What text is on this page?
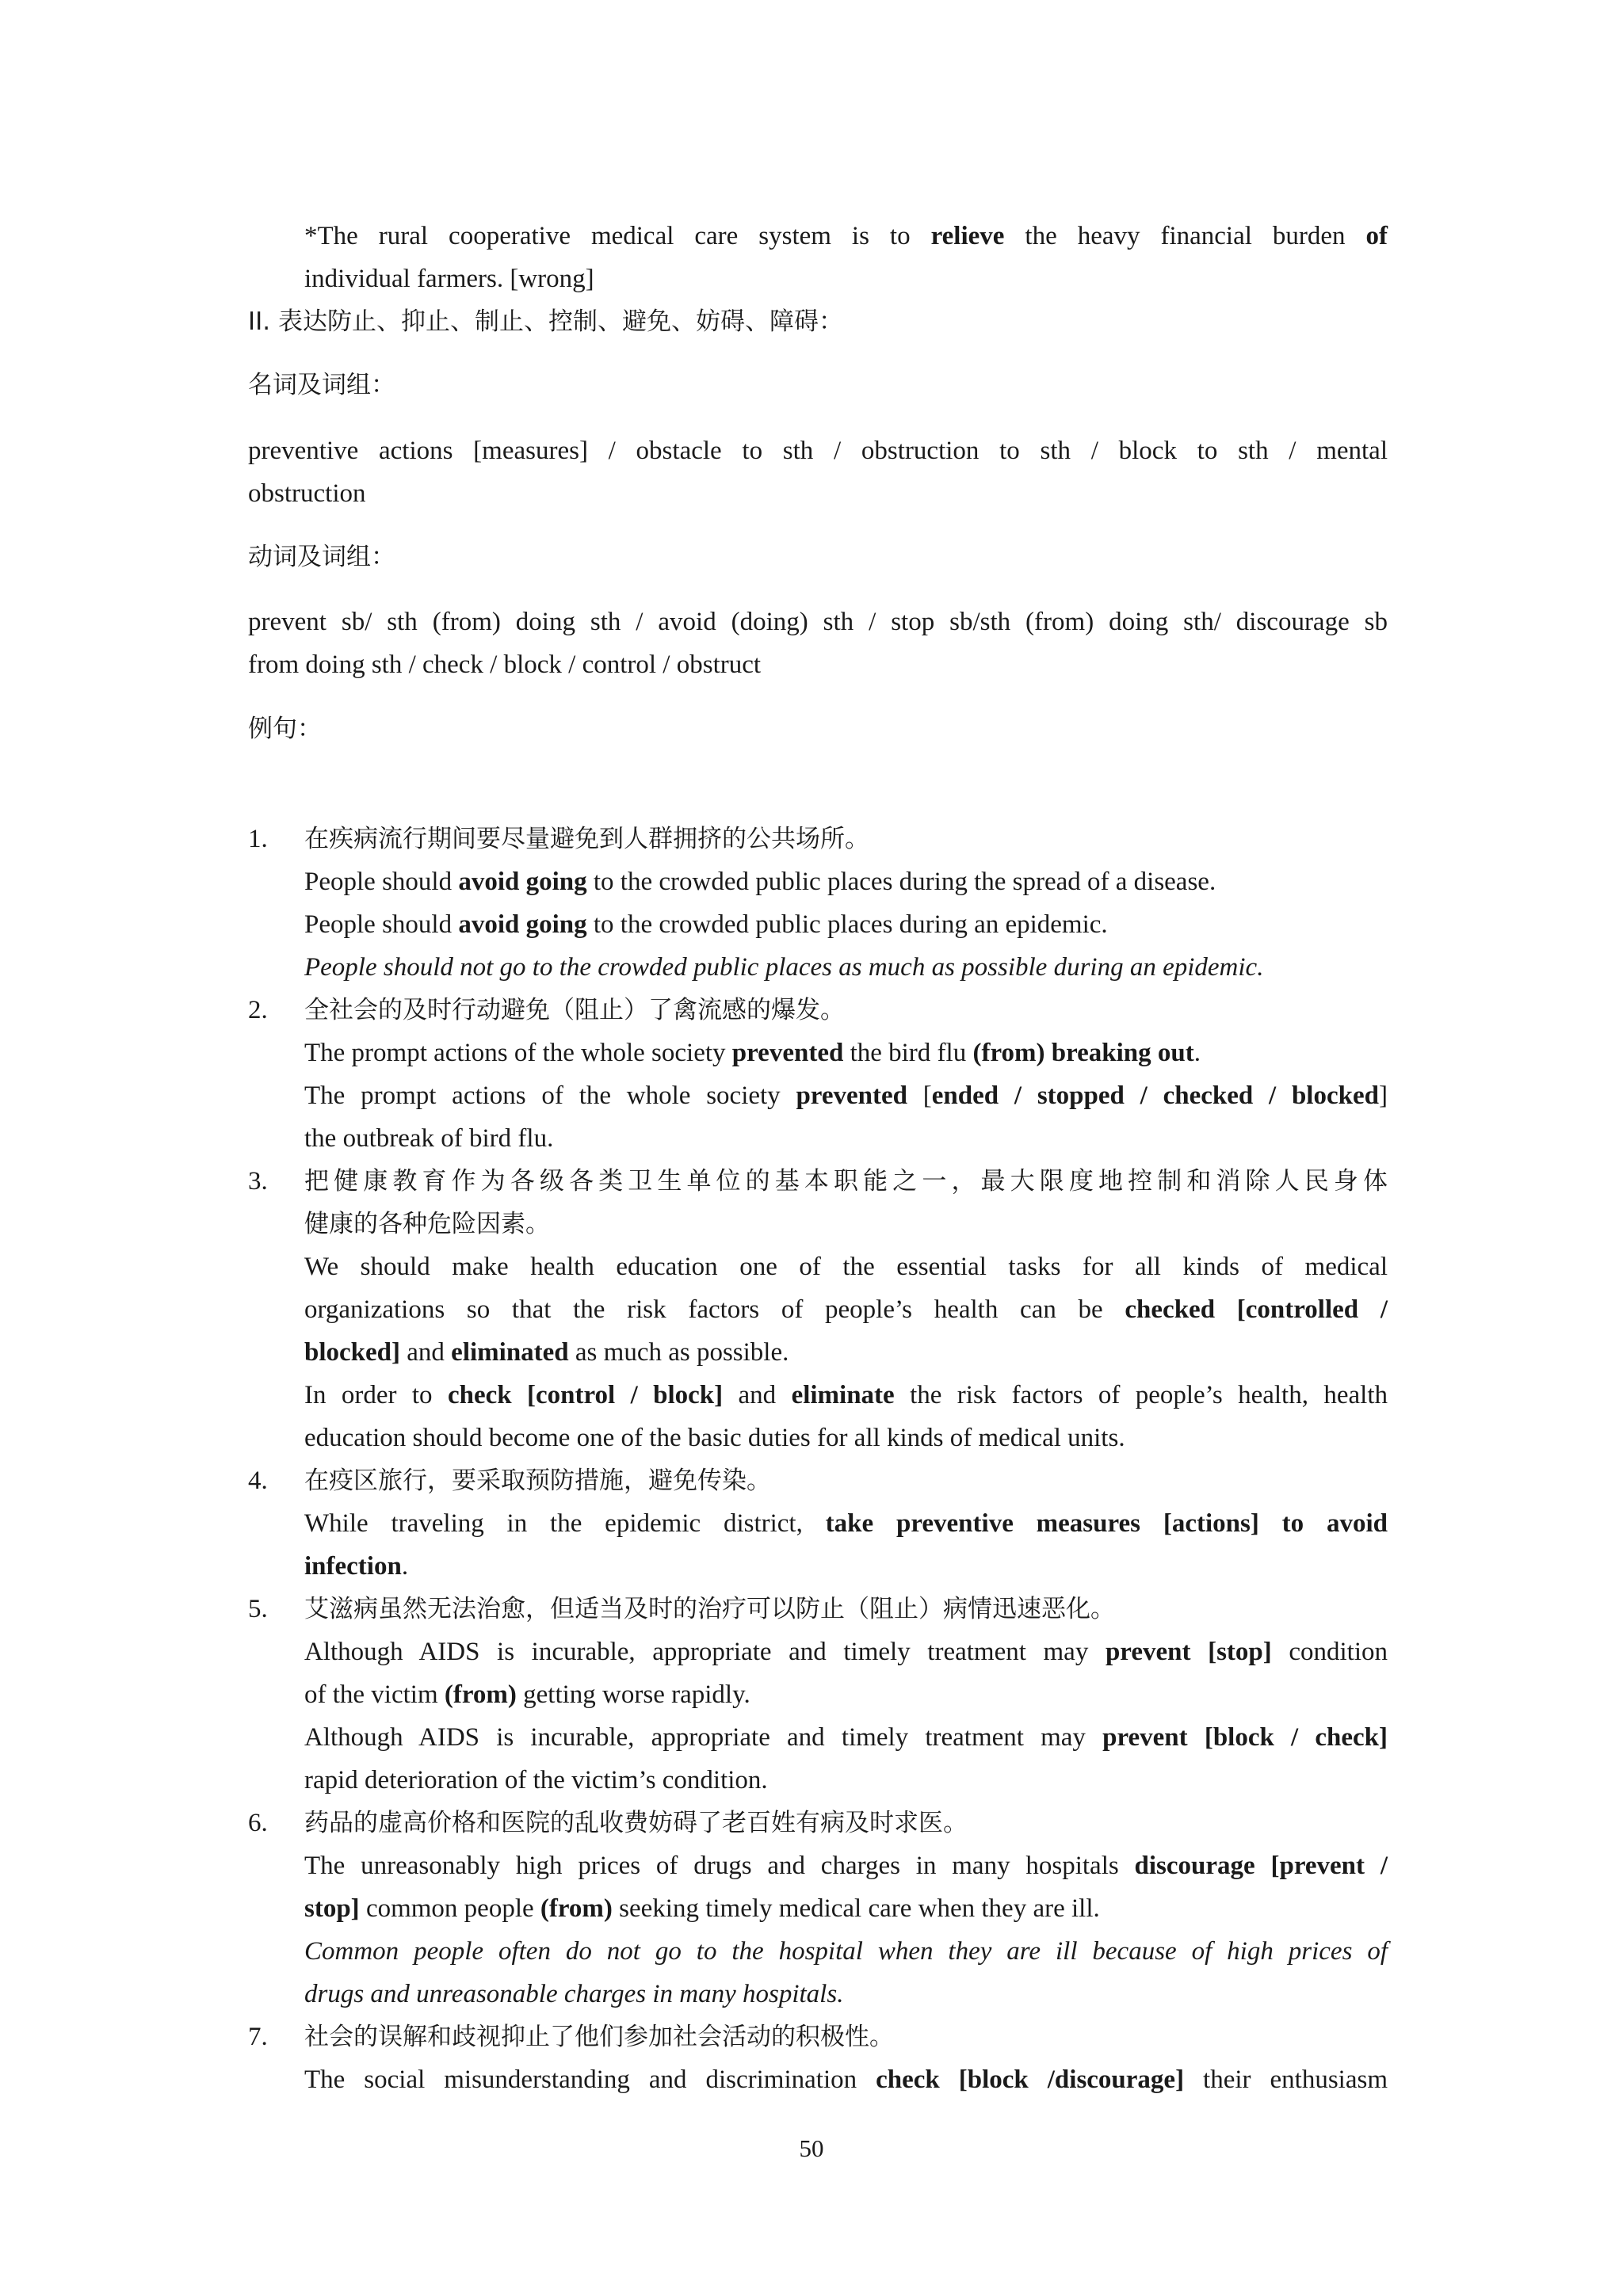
*The rural cooperative medical care system is to relieve the heavy financial burden of
individual farmers. [wrong]
II. 表达防止、抑止、制止、控制、避免、妨碍、障碍：
名词及词组：
preventive actions [measures] / obstacle to sth / obstruction to sth / block to sth / mental
obstruction
动词及词组：
prevent sb/ sth (from) doing sth / avoid (doing) sth / stop sb/sth (from) doing sth/ discourage sb
from doing sth / check / block / control / obstruct
例句：
1.	在疾病流行期间要尽量避免到人群拥挤的公共场所。
People should avoid going to the crowded public places during the spread of a disease.
People should avoid going to the crowded public places during an epidemic.
People should not go to the crowded public places as much as possible during an epidemic.
2.	全社会的及时行动避免（阻止）了禽流感的爆发。
The prompt actions of the whole society prevented the bird flu (from) breaking out.
The prompt actions of the whole society prevented [ended / stopped / checked / blocked]
the outbreak of bird flu.
3.	把健康教育作为各级各类卫生单位的基本职能之一，最大限度地控制和消除人民身体
健康的各种危险因素。
We should make health education one of the essential tasks for all kinds of medical
organizations so that the risk factors of people’s health can be checked [controlled /
blocked] and eliminated as much as possible.
In order to check [control / block] and eliminate the risk factors of people’s health, health
education should become one of the basic duties for all kinds of medical units.
4.	在疫区旅行，要采取预防措施，避免传染。
While traveling in the epidemic district, take preventive measures [actions] to avoid
infection.
5.	艾滋病虽然无法治愈，但适当及时的治疗可以防止（阻止）病情迅速恶化。
Although AIDS is incurable, appropriate and timely treatment may prevent [stop] condition
of the victim (from) getting worse rapidly.
Although AIDS is incurable, appropriate and timely treatment may prevent [block / check]
rapid deterioration of the victim’s condition.
6.	药品的虚高价格和医院的乱收费妨碍了老百姓有病及时求医。
The unreasonably high prices of drugs and charges in many hospitals discourage [prevent /
stop] common people (from) seeking timely medical care when they are ill.
Common people often do not go to the hospital when they are ill because of high prices of
drugs and unreasonable charges in many hospitals.
7.	社会的误解和歧视抑止了他们参加社会活动的积极性。
The social misunderstanding and discrimination check [block /discourage] their enthusiasm
50
